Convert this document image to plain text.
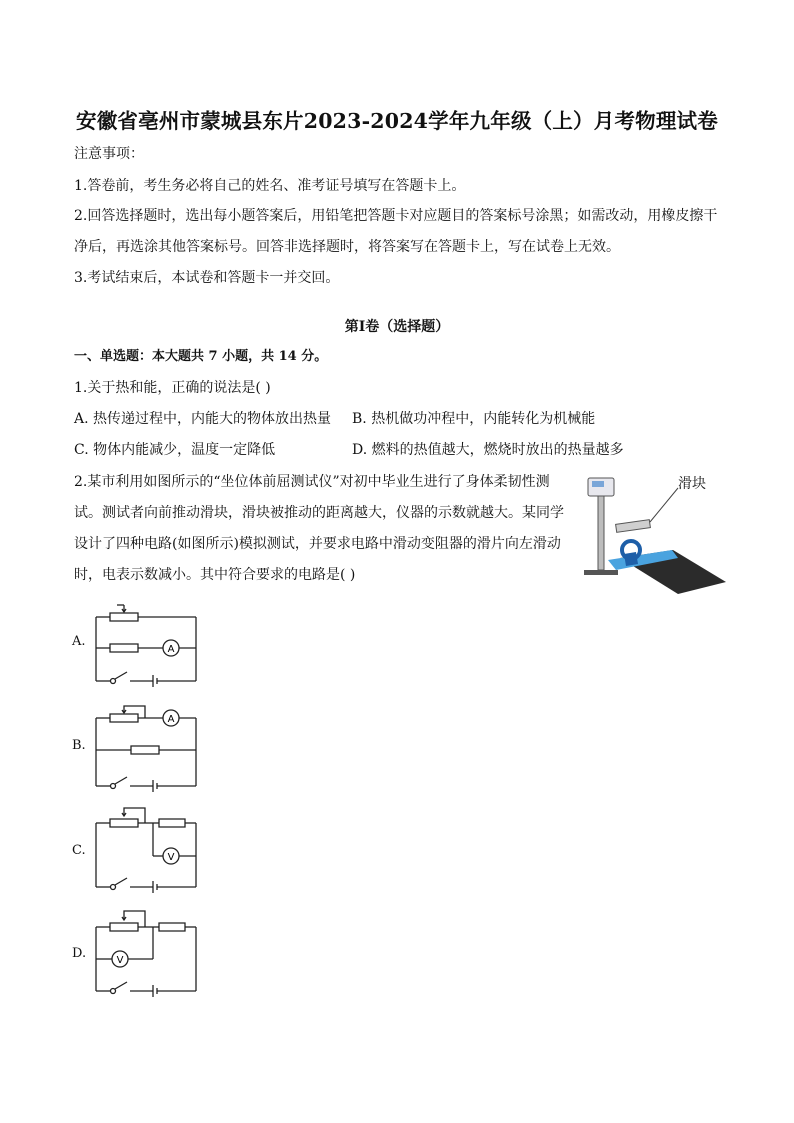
安徽省亳州市蒙城县东片2023-2024学年九年级（上）月考物理试卷
注意事项：
1.答卷前，考生务必将自己的姓名、准考证号填写在答题卡上。
2.回答选择题时，选出每小题答案后，用铅笔把答题卡对应题目的答案标号涂黑；如需改动，用橡皮擦干
净后，再选涂其他答案标号。回答非选择题时，将答案写在答题卡上，写在试卷上无效。
3.考试结束后，本试卷和答题卡一并交回。
第I卷（选择题）
一、单选题：本大题共 7 小题，共 14 分。
1.关于热和能，正确的说法是( )
A. 热传递过程中，内能大的物体放出热量 B. 热机做功冲程中，内能转化为机械能
C. 物体内能减少，温度一定降低	D. 燃料的热值越大，燃烧时放出的热量越多
2.某市利用如图所示的“坐位体前屈测试仪”对初中毕业生进行了身体柔韧性测
试。测试者向前推动滑块，滑块被推动的距离越大，仪器的示数就越大。某同学
设计了四种电路(如图所示)模拟测试，并要求电路中滑动变阻器的滑片向左滑动
时，电表示数减小。其中符合要求的电路是( )
滑块
A.
A
B.
A
C.	V
D.	V
